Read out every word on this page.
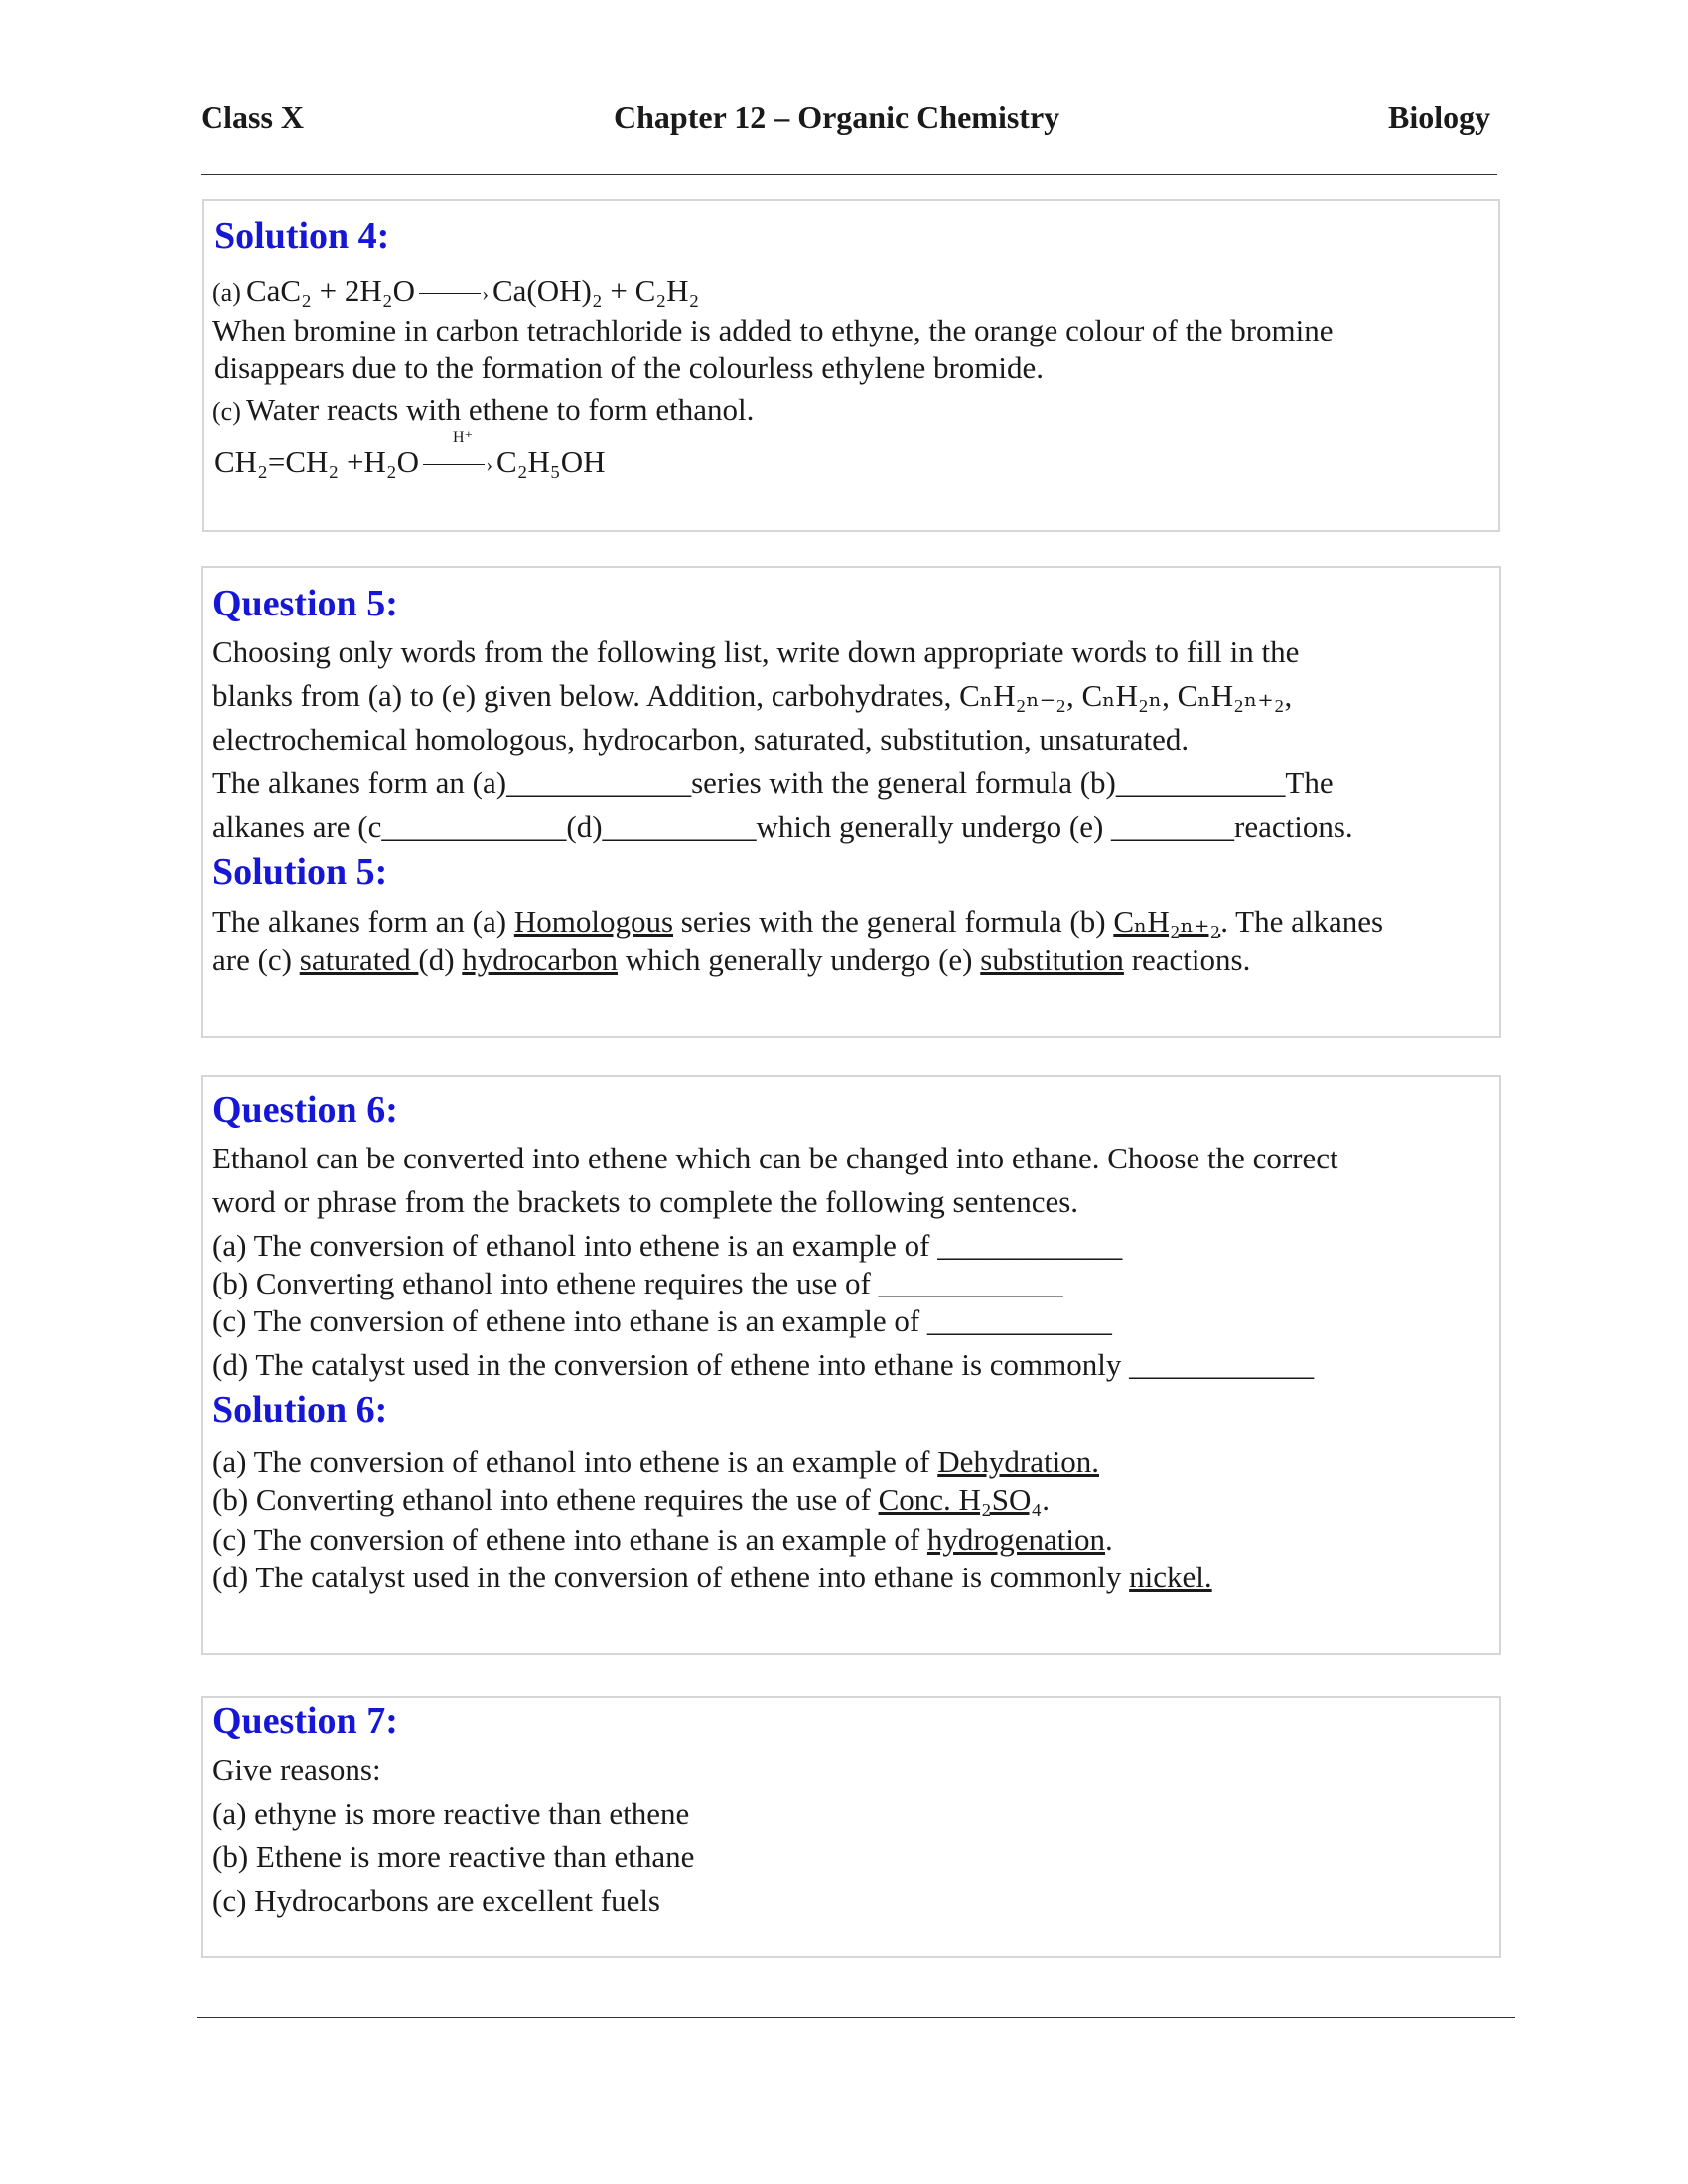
Class X	Chapter 12 – Organic Chemistry	Biology
Solution 4:
(a) CaC₂ + 2H₂O	› Ca(OH)₂ + C₂H₂
When bromine in carbon tetrachloride is added to ethyne, the orange colour of the bromine
disappears due to the formation of the colourless ethylene bromide.
(c) Water reacts with ethene to form ethanol.
CH₂=CH₂ +H₂O
H⁺
› C₂H₅OH
Question 5:
Choosing only words from the following list, write down appropriate words to fill in the
blanks from (a) to (e) given below. Addition, carbohydrates, CₙH₂ₙ₋₂, CₙH₂ₙ, CₙH₂ₙ₊₂,
electrochemical homologous, hydrocarbon, saturated, substitution, unsaturated.
The alkanes form an (a)____________series with the general formula (b)___________The
alkanes are (c____________(d)__________which generally undergo (e) ________reactions.
Solution 5:
The alkanes form an (a) Homologous series with the general formula (b) CₙH₂ₙ₊₂. The alkanes
are (c) saturated (d) hydrocarbon which generally undergo (e) substitution reactions.
Question 6:
Ethanol can be converted into ethene which can be changed into ethane. Choose the correct
word or phrase from the brackets to complete the following sentences.
(a) The conversion of ethanol into ethene is an example of ____________
(b) Converting ethanol into ethene requires the use of ____________
(c) The conversion of ethene into ethane is an example of ____________
(d) The catalyst used in the conversion of ethene into ethane is commonly ____________
Solution 6:
(a) The conversion of ethanol into ethene is an example of Dehydration.
(b) Converting ethanol into ethene requires the use of Conc. H₂SO₄.
(c) The conversion of ethene into ethane is an example of hydrogenation.
(d) The catalyst used in the conversion of ethene into ethane is commonly nickel.
Question 7:
Give reasons:
(a) ethyne is more reactive than ethene
(b) Ethene is more reactive than ethane
(c) Hydrocarbons are excellent fuels
